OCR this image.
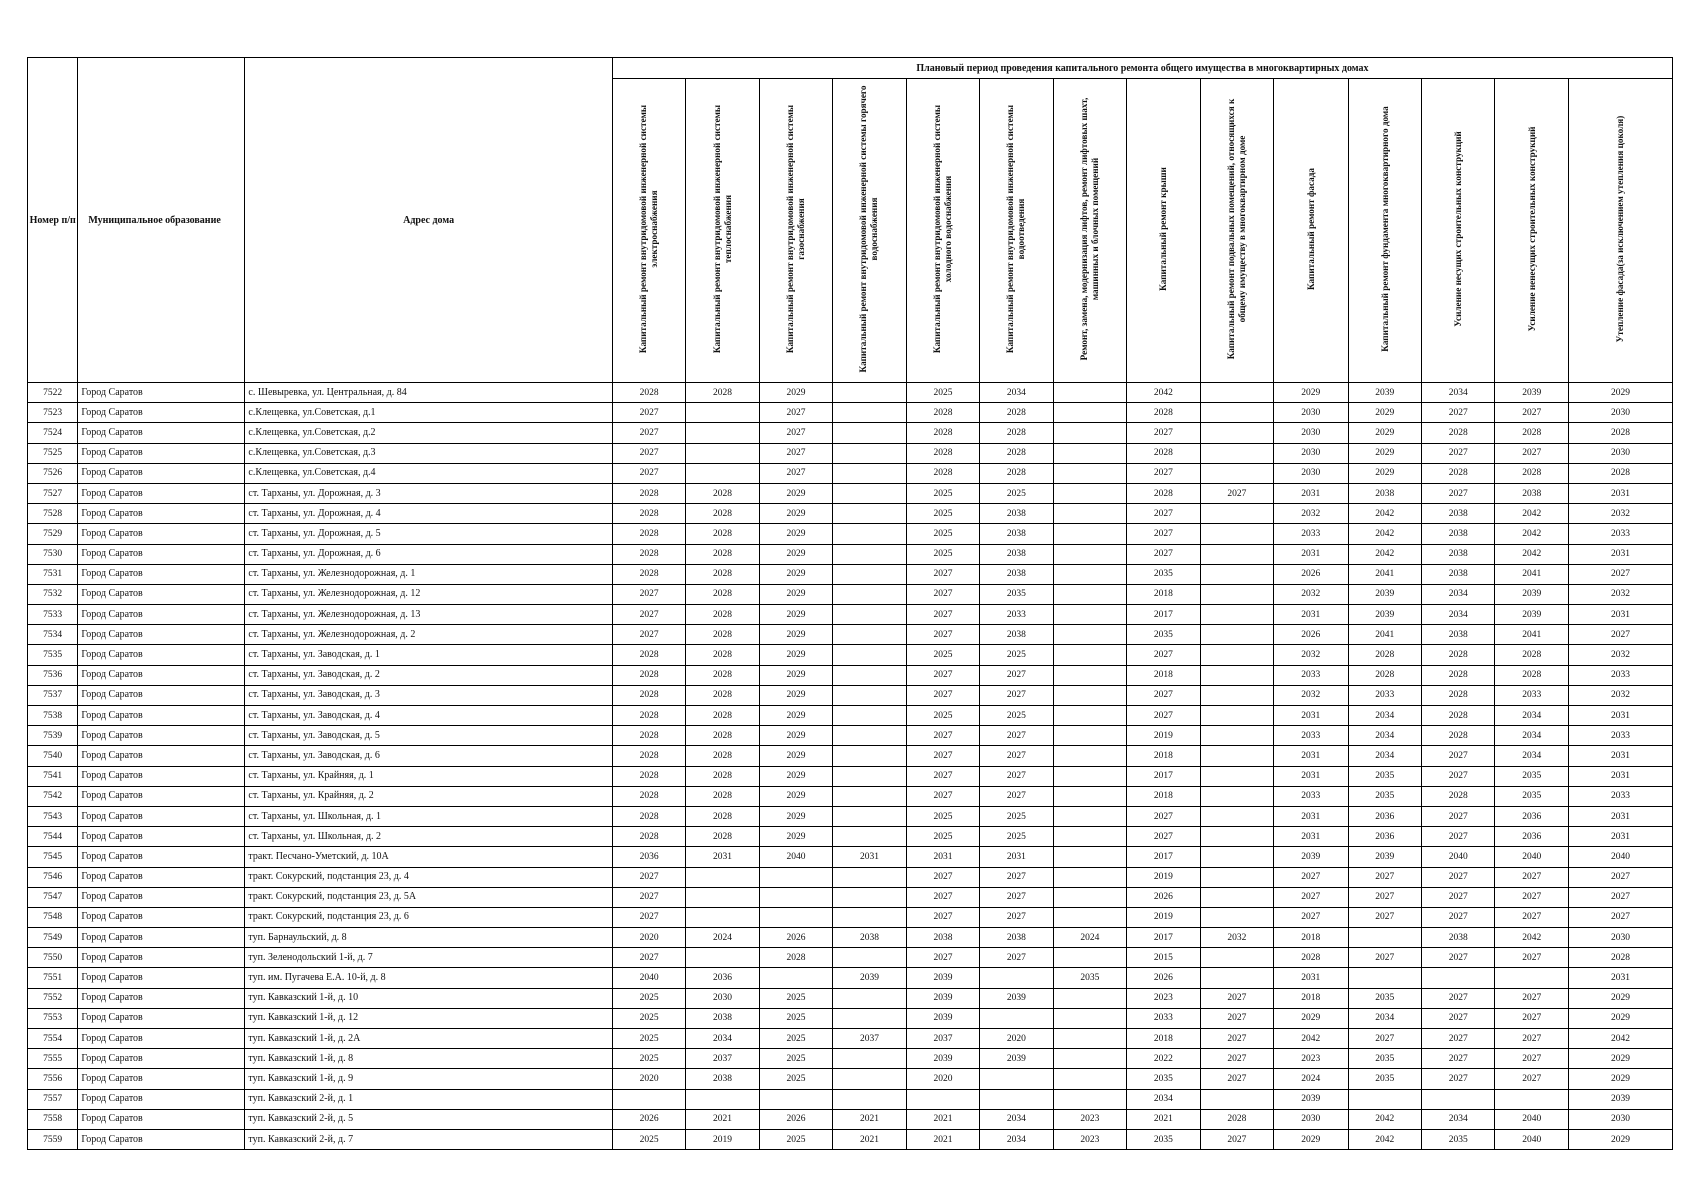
Номер п/п	Муниципальное образование	Адрес дома	Плановый период проведения капитального ремонта общего имущества в многоквартирных домах													

Капитальный ремонт внутридомовой инженерной системы электроснабжения	Капитальный ремонт внутридомовой инженерной системы теплоснабжения	Капитальный ремонт внутридомовой инженерной системы газоснабжения	Капитальный ремонт внутридомовой инженерной системы горячего водоснабжения	Капитальный ремонт внутридомовой инженерной системы холодного водоснабжения	Капитальный ремонт внутридомовой инженерной системы водоотведения	Ремонт, замена, модернизация лифтов, ремонт лифтовых шахт, машинных и блочных помещений	Капитальный ремонт крыши	Капитальный ремонт подвальных помещений, относящихся к общему имуществу в многоквартирном доме	Капитальный ремонт фасада	Капитальный ремонт фундамента многоквартирного дома	Усиление несущих строительных конструкций	Усиление ненесущих строительных конструкций	Утепление фасада(за исключением утепления цоколя)

7522	Город Саратов	с. Шевыревка, ул. Центральная, д. 84	2028	2028	2029		2025	2034		2042		2029	2039	2034	2039	2029
7523	Город Саратов	с.Клещевка, ул.Советская, д.1	2027		2027		2028	2028		2028		2030	2029	2027	2027	2030
7524	Город Саратов	с.Клещевка, ул.Советская, д.2	2027		2027		2028	2028		2027		2030	2029	2028	2028	2028
7525	Город Саратов	с.Клещевка, ул.Советская, д.3	2027		2027		2028	2028		2028		2030	2029	2027	2027	2030
7526	Город Саратов	с.Клещевка, ул.Советская, д.4	2027		2027		2028	2028		2027		2030	2029	2028	2028	2028
7527	Город Саратов	ст. Тарханы, ул. Дорожная, д. 3	2028	2028	2029		2025	2025		2028	2027	2031	2038	2027	2038	2031
7528	Город Саратов	ст. Тарханы, ул. Дорожная, д. 4	2028	2028	2029		2025	2038		2027		2032	2042	2038	2042	2032
7529	Город Саратов	ст. Тарханы, ул. Дорожная, д. 5	2028	2028	2029		2025	2038		2027		2033	2042	2038	2042	2033
7530	Город Саратов	ст. Тарханы, ул. Дорожная, д. 6	2028	2028	2029		2025	2038		2027		2031	2042	2038	2042	2031
7531	Город Саратов	ст. Тарханы, ул. Железнодорожная, д. 1	2028	2028	2029		2027	2038		2035		2026	2041	2038	2041	2027
7532	Город Саратов	ст. Тарханы, ул. Железнодорожная, д. 12	2027	2028	2029		2027	2035		2018		2032	2039	2034	2039	2032
7533	Город Саратов	ст. Тарханы, ул. Железнодорожная, д. 13	2027	2028	2029		2027	2033		2017		2031	2039	2034	2039	2031
7534	Город Саратов	ст. Тарханы, ул. Железнодорожная, д. 2	2027	2028	2029		2027	2038		2035		2026	2041	2038	2041	2027
7535	Город Саратов	ст. Тарханы, ул. Заводская, д. 1	2028	2028	2029		2025	2025		2027		2032	2028	2028	2028	2032
7536	Город Саратов	ст. Тарханы, ул. Заводская, д. 2	2028	2028	2029		2027	2027		2018		2033	2028	2028	2028	2033
7537	Город Саратов	ст. Тарханы, ул. Заводская, д. 3	2028	2028	2029		2027	2027		2027		2032	2033	2028	2033	2032
7538	Город Саратов	ст. Тарханы, ул. Заводская, д. 4	2028	2028	2029		2025	2025		2027		2031	2034	2028	2034	2031
7539	Город Саратов	ст. Тарханы, ул. Заводская, д. 5	2028	2028	2029		2027	2027		2019		2033	2034	2028	2034	2033
7540	Город Саратов	ст. Тарханы, ул. Заводская, д. 6	2028	2028	2029		2027	2027		2018		2031	2034	2027	2034	2031
7541	Город Саратов	ст. Тарханы, ул. Крайняя, д. 1	2028	2028	2029		2027	2027		2017		2031	2035	2027	2035	2031
7542	Город Саратов	ст. Тарханы, ул. Крайняя, д. 2	2028	2028	2029		2027	2027		2018		2033	2035	2028	2035	2033
7543	Город Саратов	ст. Тарханы, ул. Школьная, д. 1	2028	2028	2029		2025	2025		2027		2031	2036	2027	2036	2031
7544	Город Саратов	ст. Тарханы, ул. Школьная, д. 2	2028	2028	2029		2025	2025		2027		2031	2036	2027	2036	2031
7545	Город Саратов	тракт. Песчано-Уметский, д. 10А	2036	2031	2040	2031	2031	2031		2017		2039	2039	2040	2040	2040
7546	Город Саратов	тракт. Сокурский, подстанция 23, д. 4	2027				2027	2027		2019		2027	2027	2027	2027	2027
7547	Город Саратов	тракт. Сокурский, подстанция 23, д. 5А	2027				2027	2027		2026		2027	2027	2027	2027	2027
7548	Город Саратов	тракт. Сокурский, подстанция 23, д. 6	2027				2027	2027		2019		2027	2027	2027	2027	2027
7549	Город Саратов	туп. Барнаульский, д. 8	2020	2024	2026	2038	2038	2038	2024	2017	2032	2018		2038	2042	2030
7550	Город Саратов	туп. Зеленодольский 1-й, д. 7	2027		2028		2027	2027		2015		2028	2027	2027	2027	2028
7551	Город Саратов	туп. им. Пугачева Е.А. 10-й, д. 8	2040	2036		2039	2039		2035	2026		2031				2031
7552	Город Саратов	туп. Кавказский 1-й, д. 10	2025	2030	2025		2039	2039		2023	2027	2018	2035	2027	2027	2029
7553	Город Саратов	туп. Кавказский 1-й, д. 12	2025	2038	2025		2039			2033	2027	2029	2034	2027	2027	2029
7554	Город Саратов	туп. Кавказский 1-й, д. 2А	2025	2034	2025	2037	2037	2020		2018	2027	2042	2027	2027	2027	2042
7555	Город Саратов	туп. Кавказский 1-й, д. 8	2025	2037	2025		2039	2039		2022	2027	2023	2035	2027	2027	2029
7556	Город Саратов	туп. Кавказский 1-й, д. 9	2020	2038	2025		2020			2035	2027	2024	2035	2027	2027	2029
7557	Город Саратов	туп. Кавказский 2-й, д. 1								2034		2039				2039
7558	Город Саратов	туп. Кавказский 2-й, д. 5	2026	2021	2026	2021	2021	2034	2023	2021	2028	2030	2042	2034	2040	2030
7559	Город Саратов	туп. Кавказский 2-й, д. 7	2025	2019	2025	2021	2021	2034	2023	2035	2027	2029	2042	2035	2040	2029
